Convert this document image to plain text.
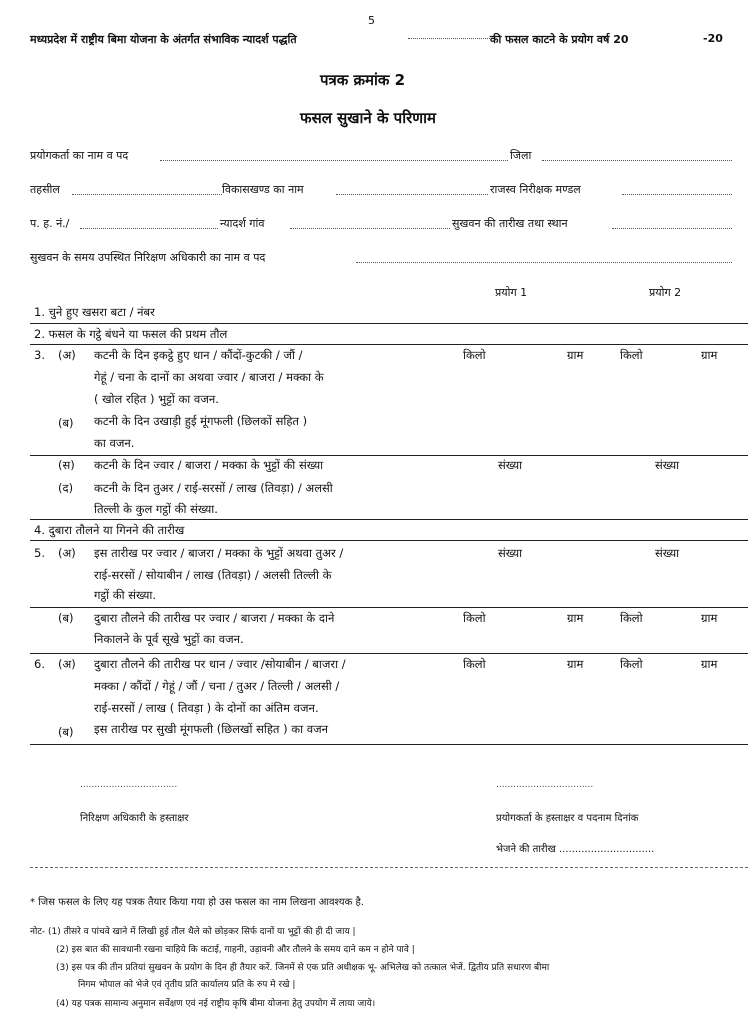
5
मध्यप्रदेश में राष्ट्रीय बिमा योजना के अंतर्गत संभाविक न्यादर्श पद्धति	की फसल काटने के प्रयोग वर्ष 20	-20
पत्रक क्रमांक 2
फसल सुखाने के परिणाम
प्रयोगकर्ता का नाम व पद	जिला
तहसील	विकासखण्ड का नाम	राजस्व निरीक्षक मण्डल
प. ह. नं./	न्यादर्श गांव	सुखवन की तारीख तथा स्थान
सुखवन के समय उपस्थित निरिक्षण अधिकारी का नाम व पद
प्रयोग 1	प्रयोग 2
1. चुने हुए खसरा बटा / नंबर
2. फसल के गट्ठे बंधने या फसल की प्रथम तौल
3. (अ) कटनी के दिन इकट्ठे हुए धान / कौंदों-कुटकी / जौं /
गेहूं / चना के दानों का अथवा ज्वार / बाजरा / मक्का के
( खोल रहित ) भुट्टों का वजन.
किलो	ग्राम	किलो	ग्राम
(ब) कटनी के दिन उखाड़ी हुई मूंगफली (छिलकों सहित )
का वजन.
(स) कटनी के दिन ज्वार / बाजरा / मक्का के भुट्टों की संख्या	संख्या	संख्या
(द) कटनी के दिन तुअर / राई-सरसों / लाख (तिवड़ा) / अलसी
तिल्ली के कुल गट्ठों की संख्या.
4. दुबारा तौलने या गिनने की तारीख
5. (अ) इस तारीख पर ज्वार / बाजरा / मक्का के भुट्टों अथवा तुअर /
राई-सरसों / सोयाबीन / लाख (तिवड़ा) / अलसी तिल्ली के
गट्ठों की संख्या.
संख्या	संख्या
(ब) दुबारा तौलने की तारीख पर ज्वार / बाजरा / मक्का के दाने
निकालने के पूर्व सूखे भुट्टों का वजन.
किलो	ग्राम	किलो	ग्राम
6. (अ) दुबारा तौलने की तारीख पर धान / ज्वार /सोयाबीन / बाजरा /
मक्का / कौंदों / गेहूं / जौं / चना / तुअर / तिल्ली / अलसी /
राई-सरसों / लाख ( तिवड़ा ) के दोनों का अंतिम वजन.
किलो	ग्राम	किलो	ग्राम
(ब) इस तारीख पर सुखी मूंगफली (छिलखों सहित ) का वजन
..................................
निरिक्षण अधिकारी के हस्ताक्षर
..................................
प्रयोगकर्ता के हस्ताक्षर व पदनाम दिनांक
भेजने की तारीख ..............................
* जिस फसल के लिए यह पत्रक तैयार किया गया हो उस फसल का नाम लिखना आवश्यक है.
नोट- (1) तीसरे व पांचवे खाने में लिखी हुई तौल थैले को छोड़कर सिर्फ दानों या भुट्टों की ही दी जाय |
(2) इस बात की सावधानी रखना चाहिये कि कटाई, गाहनी, उड़ावनी और तौलने के समय दाने कम न होने पावे |
(3) इस पत्र की तीन प्रतियां सुखवन के प्रयोग के दिन ही तैयार करें. जिनमें से एक प्रति अधीक्षक भू- अभिलेख को तत्काल भेजें. द्वितीय प्रति सधारण बीमा
निगम भोपाल को भेजे एवं तृतीय प्रति कार्यालय प्रति के रुप मे रखे |
(4) यह पत्रक सामान्य अनुमान सर्वेक्षण एवं नई राष्ट्रीय कृषि बीमा योजना हेतु उपयोग में लाया जाये।
